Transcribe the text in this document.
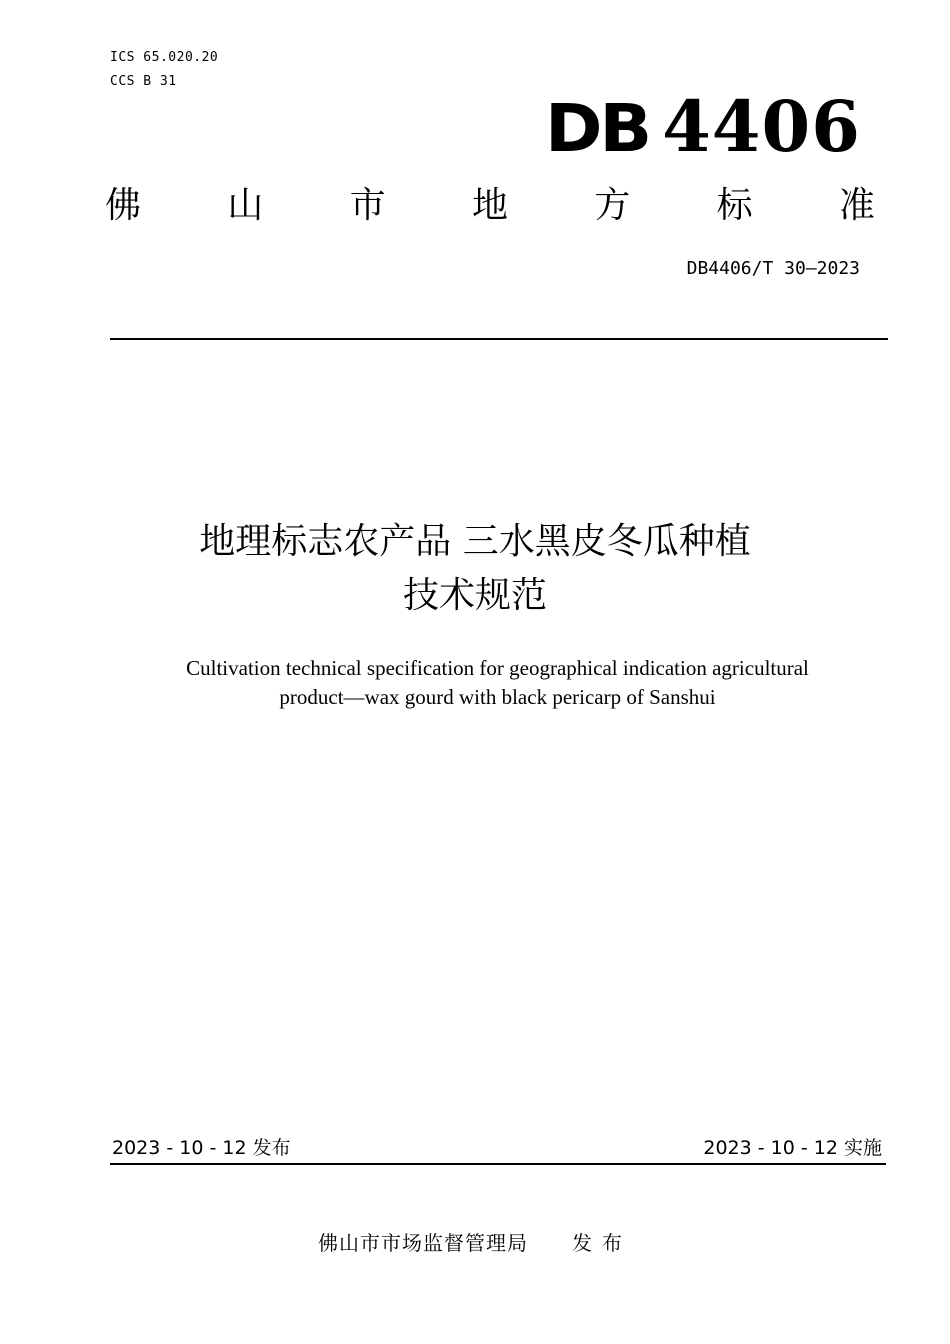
ICS 65.020.20
CCS B 31
DB 4406
佛 山 市 地 方 标 准
DB4406/T 30—2023
地理标志农产品 三水黑皮冬瓜种植
技术规范
Cultivation technical specification for geographical indication agricultural
product—wax gourd with black pericarp of Sanshui
2023 - 10 - 12 发布	2023 - 10 - 12 实施
佛山市市场监督管理局 发布
